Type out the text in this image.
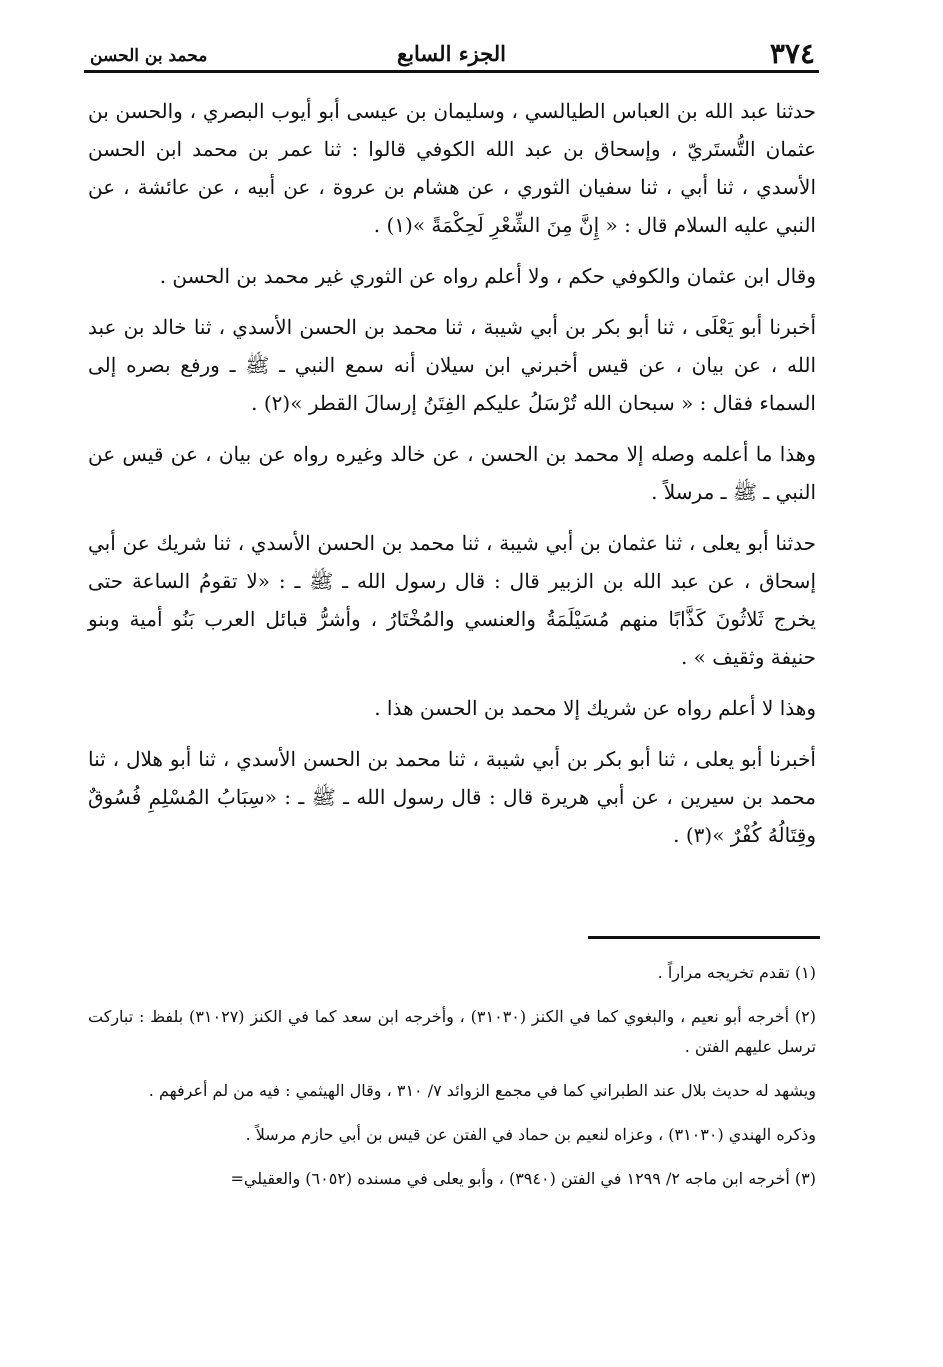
محمد بن الحسن	الجزء السابع	٣٧٤

حدثنا عبد الله بن العباس الطيالسي ، وسليمان بن عيسى أبو أيوب البصري ، والحسن بن عثمان التُّستَريّ ، وإسحاق بن عبد الله الكوفي قالوا : ثنا عمر بن محمد ابن الحسن الأسدي ، ثنا أبي ، ثنا سفيان الثوري ، عن هشام بن عروة ، عن أبيه ، عن عائشة ، عن النبي عليه السلام قال : « إِنَّ مِنَ الشِّعْرِ لَحِكْمَةً »(١) .

وقال ابن عثمان والكوفي حكم ، ولا أعلم رواه عن الثوري غير محمد بن الحسن .

أخبرنا أبو يَعْلَى ، ثنا أبو بكر بن أبي شيبة ، ثنا محمد بن الحسن الأسدي ، ثنا خالد بن عبد الله ، عن بيان ، عن قيس أخبرني ابن سيلان أنه سمع النبي ـ ﷺ ـ ورفع بصره إلى السماء فقال : « سبحان الله تُرْسَلُ عليكم الفِتَنُ إرسالَ القطر »(٢) .

وهذا ما أعلمه وصله إلا محمد بن الحسن ، عن خالد وغيره رواه عن بيان ، عن قيس عن النبي ـ ﷺ ـ مرسلاً .

حدثنا أبو يعلى ، ثنا عثمان بن أبي شيبة ، ثنا محمد بن الحسن الأسدي ، ثنا شريك عن أبي إسحاق ، عن عبد الله بن الزبير قال : قال رسول الله ـ ﷺ ـ : «لا تقومُ الساعة حتى يخرج ثَلاثُونَ كَذَّابًا منهم مُسَيْلَمَةُ والعنسي والمُخْتَارُ ، وأشرُّ قبائل العرب بَنُو أمية وبنو حنيفة وثقيف » .

وهذا لا أعلم رواه عن شريك إلا محمد بن الحسن هذا .

أخبرنا أبو يعلى ، ثنا أبو بكر بن أبي شيبة ، ثنا محمد بن الحسن الأسدي ، ثنا أبو هلال ، ثنا محمد بن سيرين ، عن أبي هريرة قال : قال رسول الله ـ ﷺ ـ : «سِبَابُ المُسْلِمِ فُسُوقٌ وقِتَالُهُ كُفْرٌ »(٣) .

(١) تقدم تخريجه مراراً .

(٢) أخرجه أبو نعيم ، والبغوي كما في الكنز (٣١٠٣٠) ، وأخرجه ابن سعد كما في الكنز (٣١٠٢٧) بلفظ : تباركت ترسل عليهم الفتن .

ويشهد له حديث بلال عند الطبراني كما في مجمع الزوائد ٧/ ٣١٠ ، وقال الهيثمي : فيه من لم أعرفهم .

وذكره الهندي (٣١٠٣٠) ، وعزاه لنعيم بن حماد في الفتن عن قيس بن أبي حازم مرسلاً .

(٣) أخرجه ابن ماجه ٢/ ١٢٩٩ في الفتن (٣٩٤٠) ، وأبو يعلى في مسنده (٦٠٥٢) والعقيلي=
